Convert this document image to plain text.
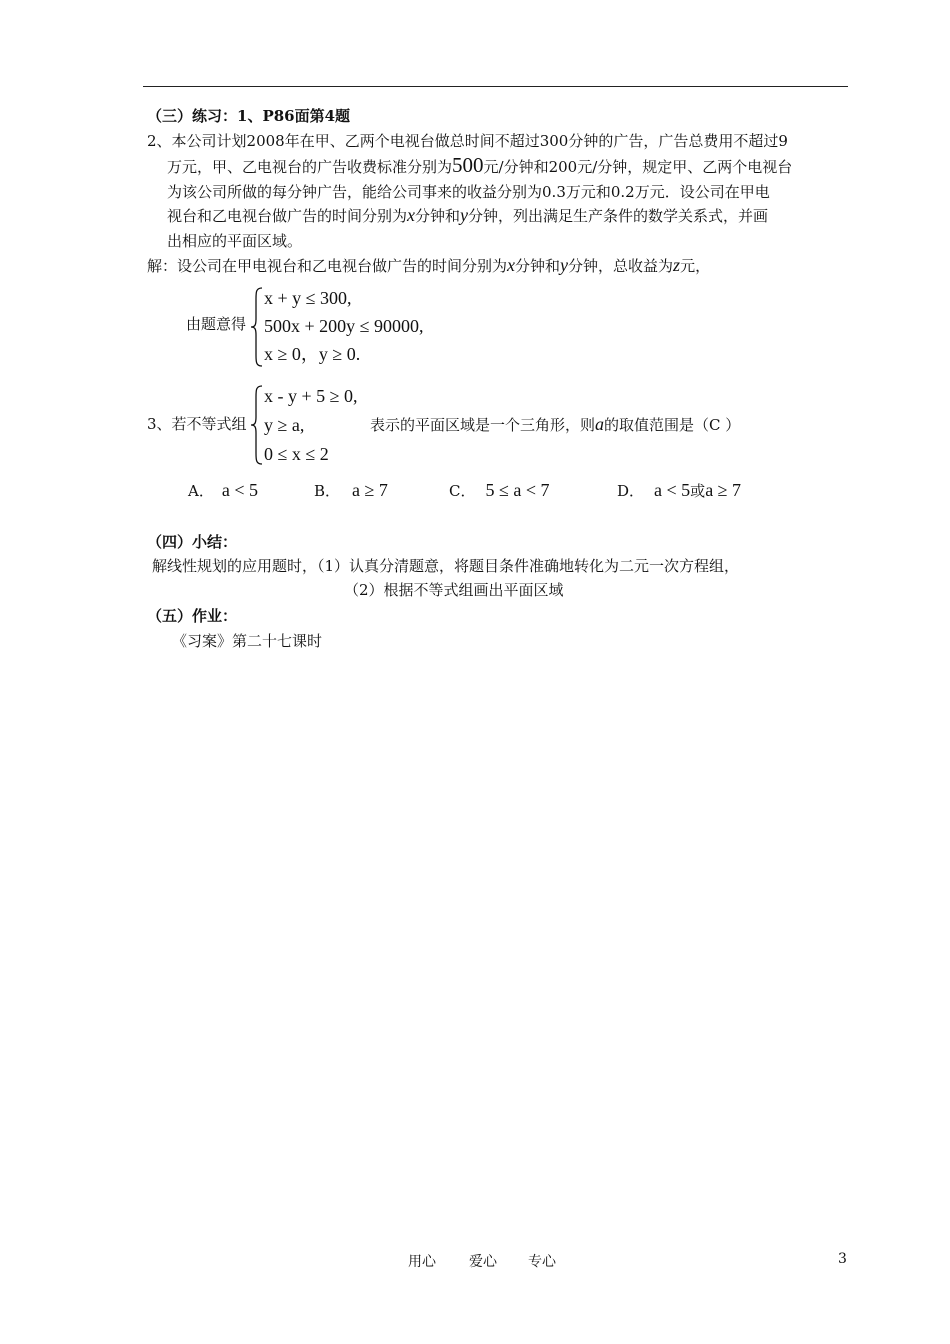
（三）练习：1、P86面第4题
2、本公司计划2008年在甲、乙两个电视台做总时间不超过300分钟的广告，广告总费用不超过9
万元，甲、乙电视台的广告收费标准分别为500元/分钟和200元/分钟，规定甲、乙两个电视台
为该公司所做的每分钟广告，能给公司事来的收益分别为0.3万元和0.2万元．设公司在甲电
视台和乙电视台做广告的时间分别为x分钟和y分钟，列出满足生产条件的数学关系式，并画
出相应的平面区域。
解：设公司在甲电视台和乙电视台做广告的时间分别为x分钟和y分钟，总收益为z元，
由题意得
x + y ≤ 300,
500x + 200y ≤ 90000,
x ≥ 0，y ≥ 0.
3、若不等式组
x - y + 5 ≥ 0,
y ≥ a,
0 ≤ x ≤ 2
表示的平面区域是一个三角形，则a的取值范围是（C ）
A． a < 5	B． a ≥ 7	C． 5 ≤ a < 7	D． a < 5或a ≥ 7
（四）小结：
解线性规划的应用题时，（1）认真分清题意，将题目条件准确地转化为二元一次方程组，
（2）根据不等式组画出平面区域
（五）作业：
《习案》第二十七课时
用心 爱心 专心	3
